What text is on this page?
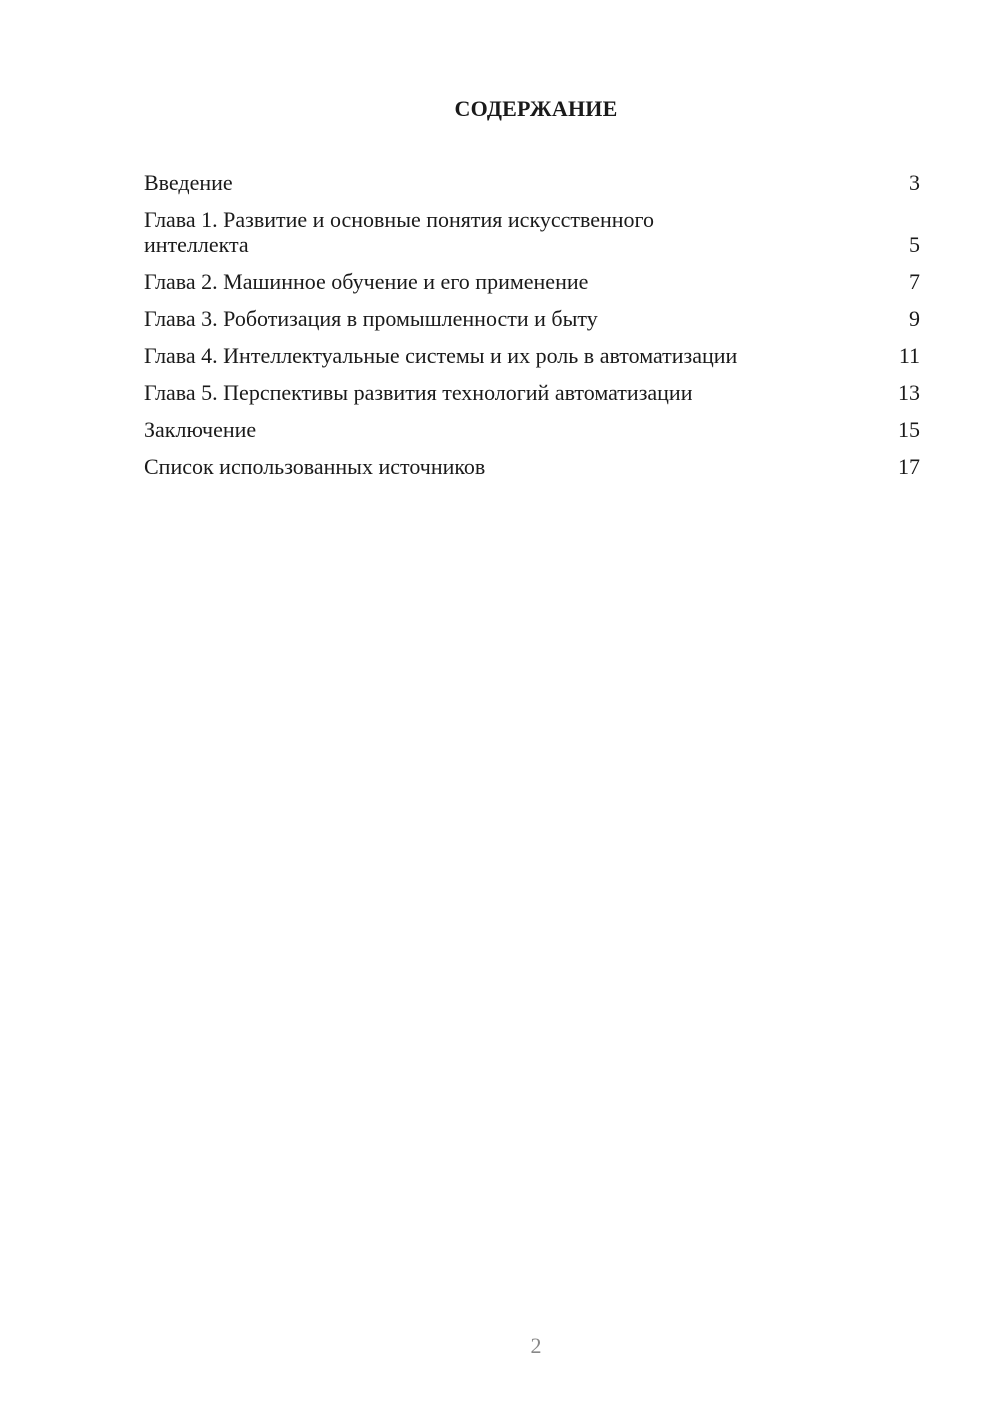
СОДЕРЖАНИЕ
Введение	3
Глава 1. Развитие и основные понятия искусственного интеллекта	5
Глава 2. Машинное обучение и его применение	7
Глава 3. Роботизация в промышленности и быту	9
Глава 4. Интеллектуальные системы и их роль в автоматизации	11
Глава 5. Перспективы развития технологий автоматизации	13
Заключение	15
Список использованных источников	17
2
